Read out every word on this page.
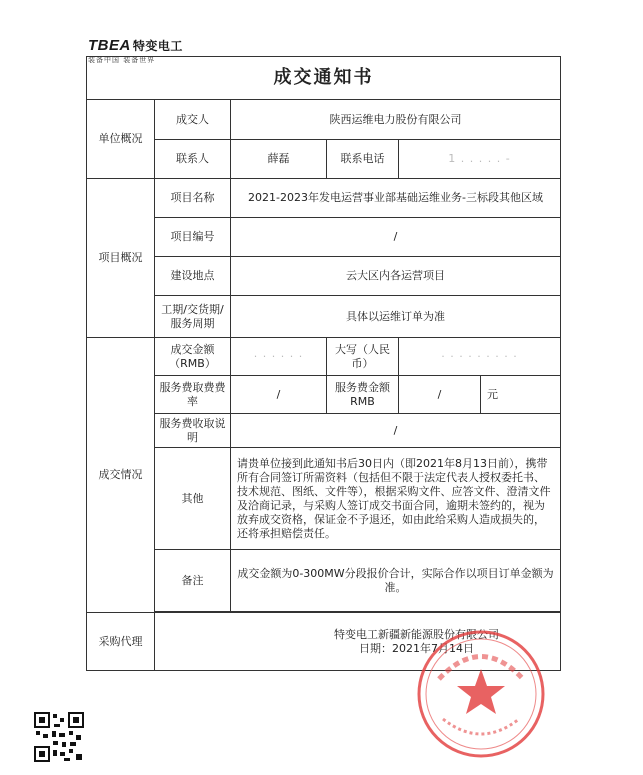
TBEA 特变电工
装备中国 装备世界
成交通知书					
单位概况	成交人	陕西运维电力股份有限公司			
	联系人	薛磊	联系电话	1 . . . . . -	
项目概况	项目名称	2021-2023年发电运营事业部基础运维业务-三标段其他区域			
	项目编号	/			
	建设地点	云大区内各运营项目			
	工期/交货期/服务周期	具体以运维订单为准			
成交情况	成交金额（RMB）	· · · · · ·	大写（人民币）	· · · · · · · · ·	
	服务费取费费率	/	服务费金额RMB	/	元
	服务费收取说明	/			
	其他	请贵单位接到此通知书后30日内（即2021年8月13日前），携带所有合同签订所需资料（包括但不限于法定代表人授权委托书、技术规范、图纸、文件等），根据采购文件、应答文件、澄清文件及洽商记录，与采购人签订成交书面合同，逾期未签约的，视为放弃成交资格，保证金不予退还，如由此给采购人造成损失的，还将承担赔偿责任。			
	备注	成交金额为0-300MW分段报价合计，实际合作以项目订单金额为准。			

采购代理	特变电工新疆新能源股份有限公司
日期：2021年7月14日				
